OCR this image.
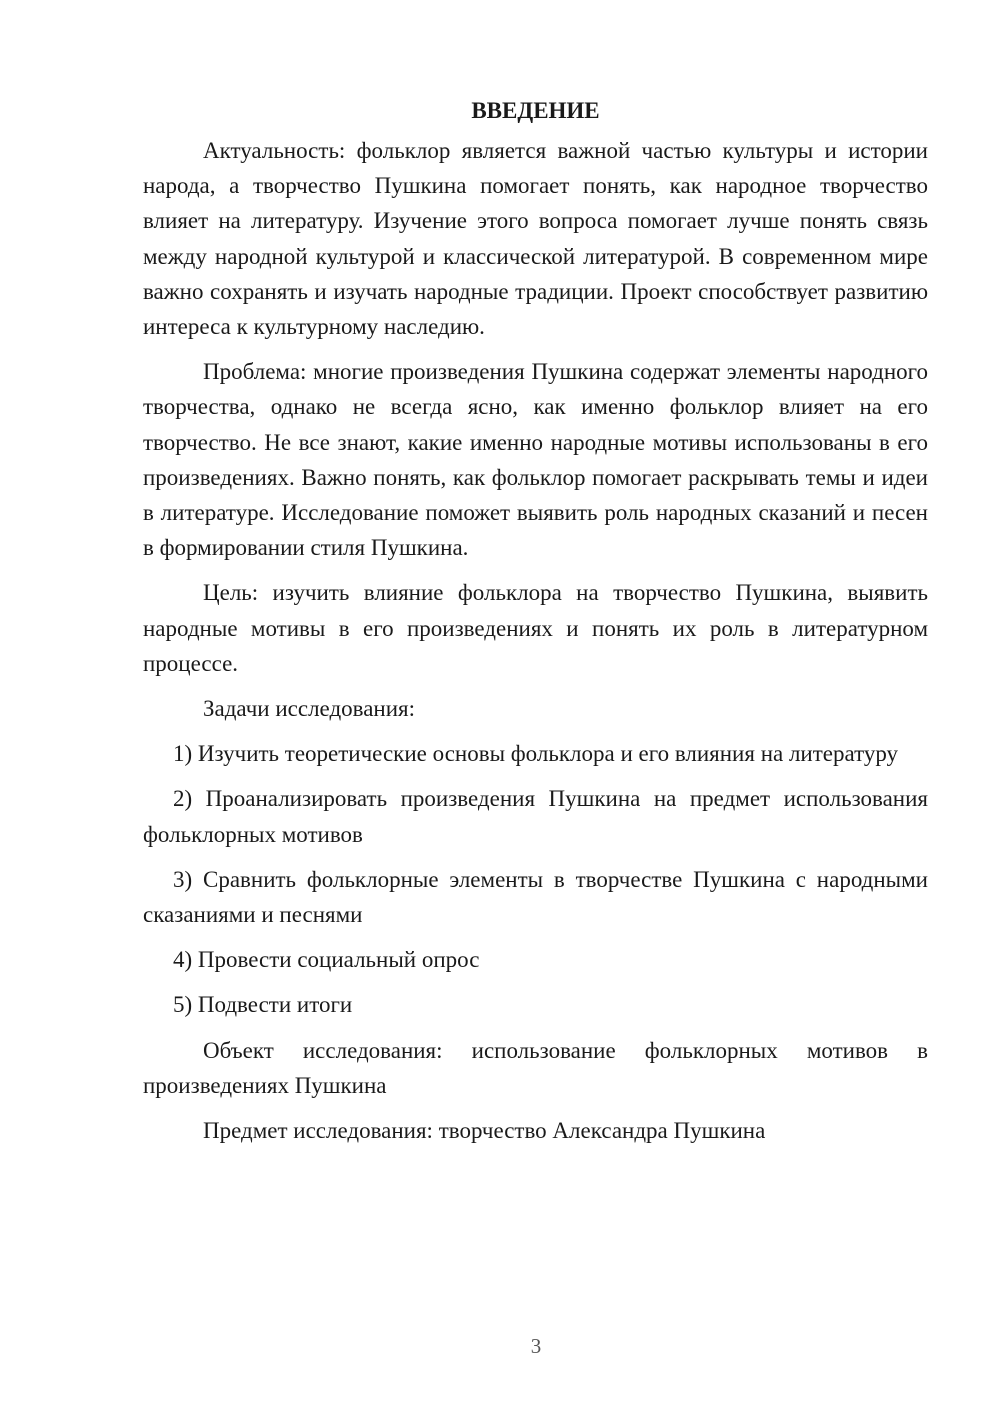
ВВЕДЕНИЕ

Актуальность: фольклор является важной частью культуры и истории народа, а творчество Пушкина помогает понять, как народное творчество влияет на литературу. Изучение этого вопроса помогает лучше понять связь между народной культурой и классической литературой. В современном мире важно сохранять и изучать народные традиции. Проект способствует развитию интереса к культурному наследию.

Проблема: многие произведения Пушкина содержат элементы народного творчества, однако не всегда ясно, как именно фольклор влияет на его творчество. Не все знают, какие именно народные мотивы использованы в его произведениях. Важно понять, как фольклор помогает раскрывать темы и идеи в литературе. Исследование поможет выявить роль народных сказаний и песен в формировании стиля Пушкина.

Цель: изучить влияние фольклора на творчество Пушкина, выявить народные мотивы в его произведениях и понять их роль в литературном процессе.

Задачи исследования:

1) Изучить теоретические основы фольклора и его влияния на литературу

2) Проанализировать произведения Пушкина на предмет использования фольклорных мотивов

3) Сравнить фольклорные элементы в творчестве Пушкина с народными сказаниями и песнями

4) Провести социальный опрос

5) Подвести итоги

Объект исследования: использование фольклорных мотивов в произведениях Пушкина

Предмет исследования: творчество Александра Пушкина

3
